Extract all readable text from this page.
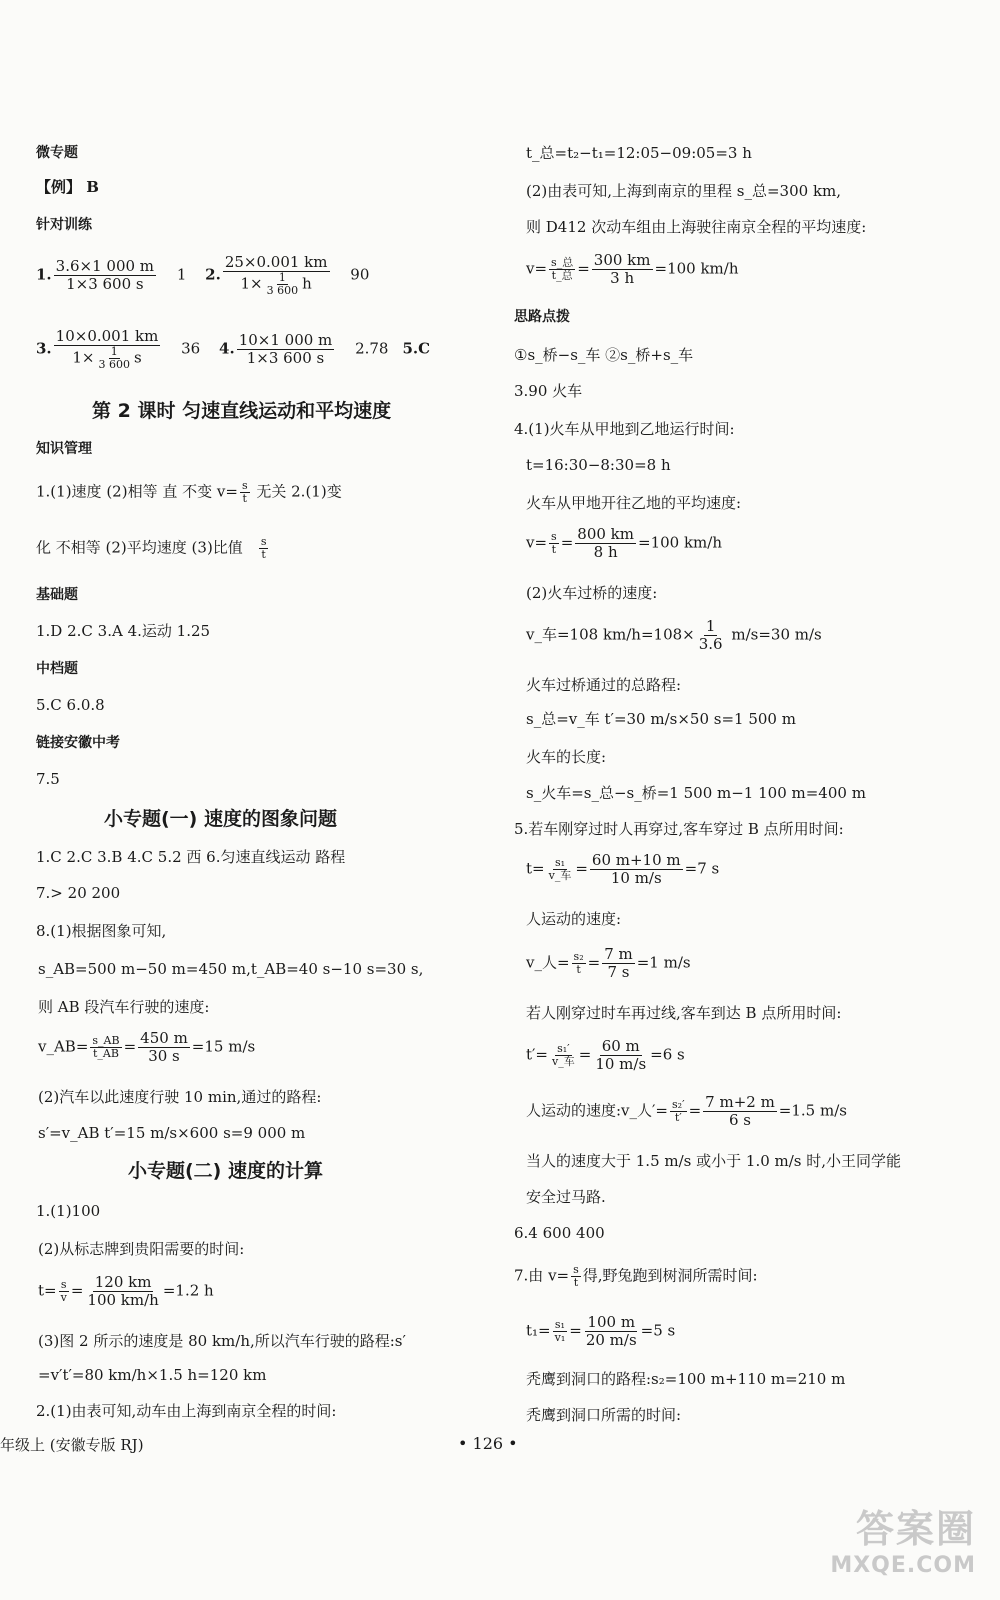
微专题
【例】 B
针对训练
1. $\frac{3.6\times 1 000 m}{1\times 3 600 s} 1$ 2. $\frac{25\times 0.001 km}{1\times \frac{1}{3 600} h} 90$
3. $\frac{10\times 0.001 km}{1\times \frac{1}{3 600} s} 36$ 4. $\frac{10\times 1 000 m}{1\times 3 600 s} 2.78$ 5.C
第 2 课时 匀速直线运动和平均速度
知识管理
1.(1)速度 (2)相等 直 不变 $v= \frac{s}{t}$ 无关 2.(1)变
化 不相等 (2)平均速度 (3)比值 $\frac{s}{t}$
基础题
1.D 2.C 3.A 4.运动 1.25
中档题
5.C 6.0.8
链接安徽中考
7.5
小专题(一) 速度的图象问题
1.C 2.C 3.B 4.C 5.2 西 6.匀速直线运动 路程
7.> 20 200
8.(1)根据图象可知,
s_AB=500 m−50 m=450 m,t_AB=40 s−10 s=30 s,
则 AB 段汽车行驶的速度:
v_AB= $\frac{s\_AB}{t\_AB} = \frac{450 m}{30 s} =15$ m/s
(2)汽车以此速度行驶 10 min,通过的路程:
s′=v_AB t′=15 m/s×600 s=9 000 m
小专题(二) 速度的计算
1.(1)100
(2)从标志牌到贵阳需要的时间:
$t= \frac{s}{v} = \frac{120 km}{100 km/h} =1.2$ h
(3)图 2 所示的速度是 80 km/h,所以汽车行驶的路程:s′
=v′t′=80 km/h×1.5 h=120 km
2.(1)由表可知,动车由上海到南京全程的时间:
t_总=t₂−t₁=12:05−09:05=3 h
(2)由表可知,上海到南京的里程 s_总=300 km,
则 D412 次动车组由上海驶往南京全程的平均速度:
$v= \frac{\text{s\_总}}{\text{t\_总}} = \frac{300 km}{3 h} =100$ km/h
思路点拨
①s_桥−s_车 ②s_桥+s_车
3.90 火车
4.(1)火车从甲地到乙地运行时间:
t=16:30−8:30=8 h
火车从甲地开往乙地的平均速度:
$v= \frac{s}{t} = \frac{800 km}{8 h} =100$ km/h
(2)火车过桥的速度:
v_车=108 $km/h=108\times \frac{1}{3.6} m/s=30$ m/s
火车过桥通过的总路程:
s_总=v_车 t′=30 m/s×50 s=1 500 m
火车的长度:
s_火车=s_总−s_桥=1 500 m−1 100 m=400 m
5.若车刚穿过时人再穿过,客车穿过 B 点所用时间:
$t= \frac{\text{s₁}}{\text{v\_车}} = \frac{60 m+10 m}{10 m/s} =7$ s
人运动的速度:
v_人= $\frac{\text{s₂}}{t} = \frac{7 m}{7 s} =1$ m/s
若人刚穿过时车再过线,客车到达 B 点所用时间:
$t'= \frac{\text{s₁′}}{\text{v\_车}} = \frac{60 m}{10 m/s} =6$ s
人运动的速度:v_人′= $\frac{\text{s₂′}}{t'} = \frac{7 m+2 m}{6 s} =1.5$ m/s
当人的速度大于 1.5 m/s 或小于 1.0 m/s 时,小王同学能
安全过马路.
6.4 600 400
7.由 $v= \frac{s}{t}$ 得,野兔跑到树洞所需时间:
$t_1= \frac{\text{s₁}}{\text{v₁}} = \frac{100 m}{20 m/s} =5$ s
秃鹰到洞口的路程:s₂=100 m+110 m=210 m
秃鹰到洞口所需的时间:
年级上 (安徽专版 RJ)	• 126 •
答案圈
MXQE.COM
